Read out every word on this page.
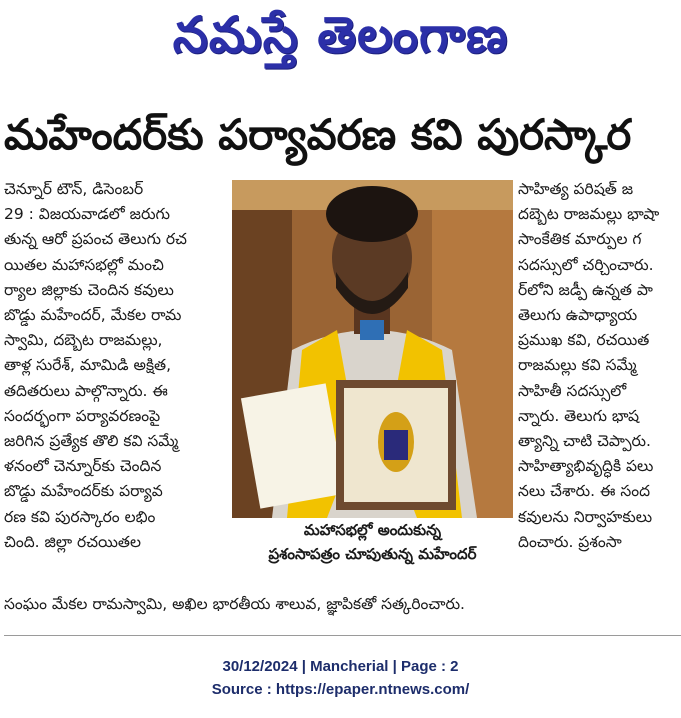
నమస్తే తెలంగాణ
మహేందర్‌కు పర్యావరణ కవి పురస్కార
చెన్నూర్ టౌన్, డిసెంబర్
29 : విజయవాడలో జరుగు
తున్న ఆరో ప్రపంచ తెలుగు రచ
యితల మహాసభల్లో మంచి
ర్యాల జిల్లాకు చెందిన కవులు
బొడ్డు మహేందర్, మేకల రామ
స్వామి, దబ్బెట రాజమల్లు,
తాళ్ల సురేశ్, మామిడి అక్షిత,
తదితరులు పాల్గొన్నారు. ఈ
సందర్భంగా పర్యావరణంపై
జరిగిన ప్రత్యేక తొలి కవి సమ్మే
ళనంలో చెన్నూర్‌కు చెందిన
బొడ్డు మహేందర్‌కు పర్యావ
రణ కవి పురస్కారం లభిం
చింది. జిల్లా రచయితల
సాహిత్య పరిషత్ జ
దబ్బెట రాజమల్లు భాషా
సాంకేతిక మార్పుల గ
సదస్సులో చర్చించారు.
ర్‌లోని జడ్పీ ఉన్నత పా
తెలుగు ఉపాధ్యాయ
ప్రముఖ కవి, రచయిత
రాజమల్లు కవి సమ్మే
సాహితీ సదస్సులో
న్నారు. తెలుగు భాష
త్యాన్ని చాటి చెప్పారు.
సాహిత్యాభివృద్ధికి పలు
నలు చేశారు. ఈ సంద
కవులను నిర్వాహకులు
దించారు. ప్రశంసా
మహాసభల్లో అందుకున్న
ప్రశంసాపత్రం చూపుతున్న మహేందర్
సంఘం మేకల రామస్వామి, అఖిల భారతీయ శాలువ, జ్ఞాపికతో సత్కరించారు.
30/12/2024 | Mancherial | Page : 2
Source : https://epaper.ntnews.com/
